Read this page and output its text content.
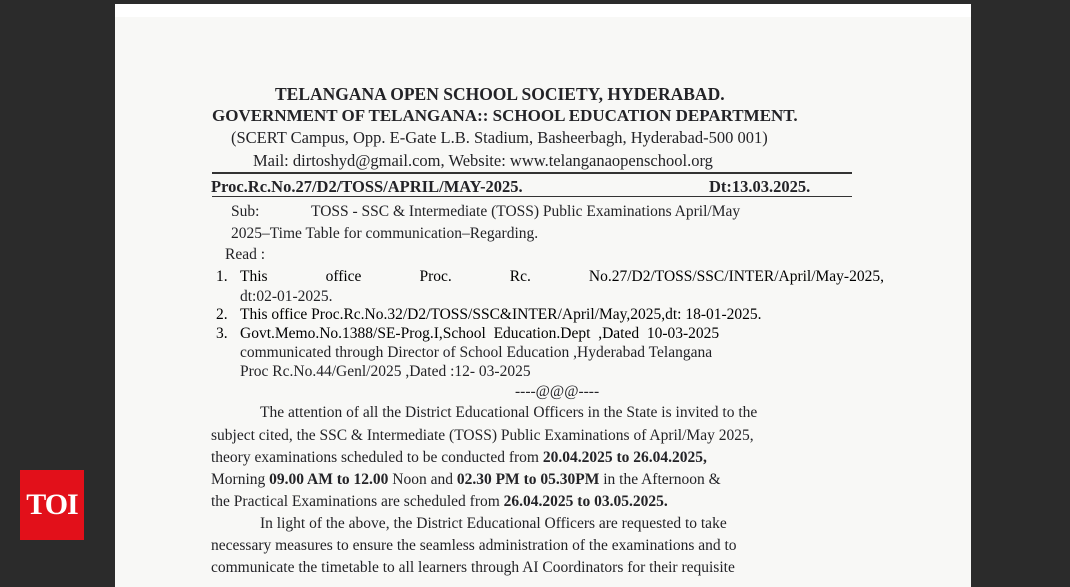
TELANGANA OPEN SCHOOL SOCIETY, HYDERABAD.
GOVERNMENT OF TELANGANA:: SCHOOL EDUCATION DEPARTMENT.
(SCERT Campus, Opp. E-Gate L.B. Stadium, Basheerbagh, Hyderabad-500 001)
Mail: dirtoshyd@gmail.com, Website: www.telanganaopenschool.org
Proc.Rc.No.27/D2/TOSS/APRIL/MAY-2025.	Dt:13.03.2025.
Sub:	TOSS - SSC & Intermediate (TOSS) Public Examinations April/May
2025–Time Table for communication–Regarding.
Read :
1. This	office	Proc.	Rc.	No.27/D2/TOSS/SSC/INTER/April/May-2025,
dt:02-01-2025.
2. This office Proc.Rc.No.32/D2/TOSS/SSC&INTER/April/May,2025,dt: 18-01-2025.
3. Govt.Memo.No.1388/SE-Prog.I,School  Education.Dept  ,Dated  10-03-2025
communicated through Director of School Education ,Hyderabad Telangana
Proc Rc.No.44/Genl/2025 ,Dated :12- 03-2025
----@@@----
The attention of all the District Educational Officers in the State is invited to the
subject cited, the SSC & Intermediate (TOSS) Public Examinations of April/May 2025,
theory examinations scheduled to be conducted from 20.04.2025 to 26.04.2025,
Morning 09.00 AM to 12.00 Noon and 02.30 PM to 05.30PM in the Afternoon &
the Practical Examinations are scheduled from 26.04.2025 to 03.05.2025.
In light of the above, the District Educational Officers are requested to take
necessary measures to ensure the seamless administration of the examinations and to
communicate the timetable to all learners through AI Coordinators for their requisite
TOI
